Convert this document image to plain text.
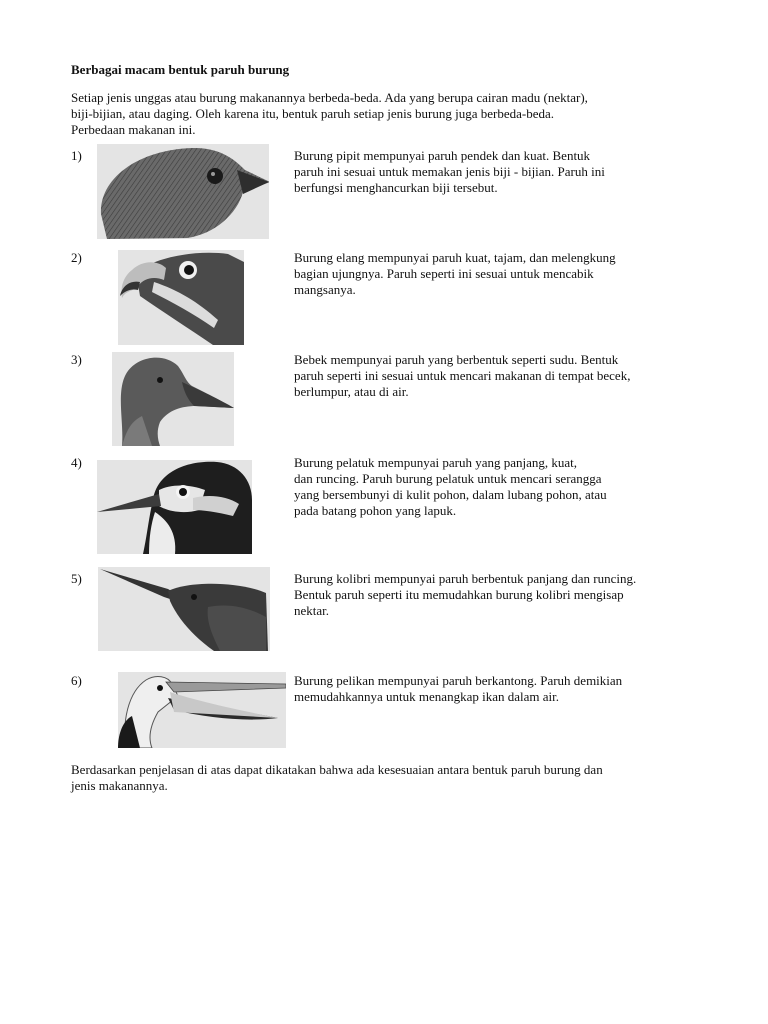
Berbagai macam bentuk paruh burung
Setiap jenis unggas atau burung makanannya berbeda-beda. Ada yang berupa cairan madu (nektar),
biji-bijian, atau daging. Oleh karena itu, bentuk paruh setiap jenis burung juga berbeda-beda.
Perbedaan makanan ini.
1)	Burung pipit mempunyai paruh pendek dan kuat. Bentuk
paruh ini sesuai untuk memakan jenis biji - bijian. Paruh ini
berfungsi menghancurkan biji tersebut.
2)	Burung elang mempunyai paruh kuat, tajam, dan melengkung
bagian ujungnya. Paruh seperti ini sesuai untuk mencabik
mangsanya.
3)	Bebek mempunyai paruh yang berbentuk seperti sudu. Bentuk
paruh seperti ini sesuai untuk mencari makanan di tempat becek,
berlumpur, atau di air.
4)	Burung pelatuk mempunyai paruh yang panjang, kuat,
dan runcing. Paruh burung pelatuk untuk mencari serangga
yang bersembunyi di kulit pohon, dalam lubang pohon, atau
pada batang pohon yang lapuk.
5)	Burung kolibri mempunyai paruh berbentuk panjang dan runcing.
Bentuk paruh seperti itu memudahkan burung kolibri mengisap
nektar.
6)	Burung pelikan mempunyai paruh berkantong. Paruh demikian
memudahkannya untuk menangkap ikan dalam air.
Berdasarkan penjelasan di atas dapat dikatakan bahwa ada kesesuaian antara bentuk paruh burung dan
jenis makanannya.
